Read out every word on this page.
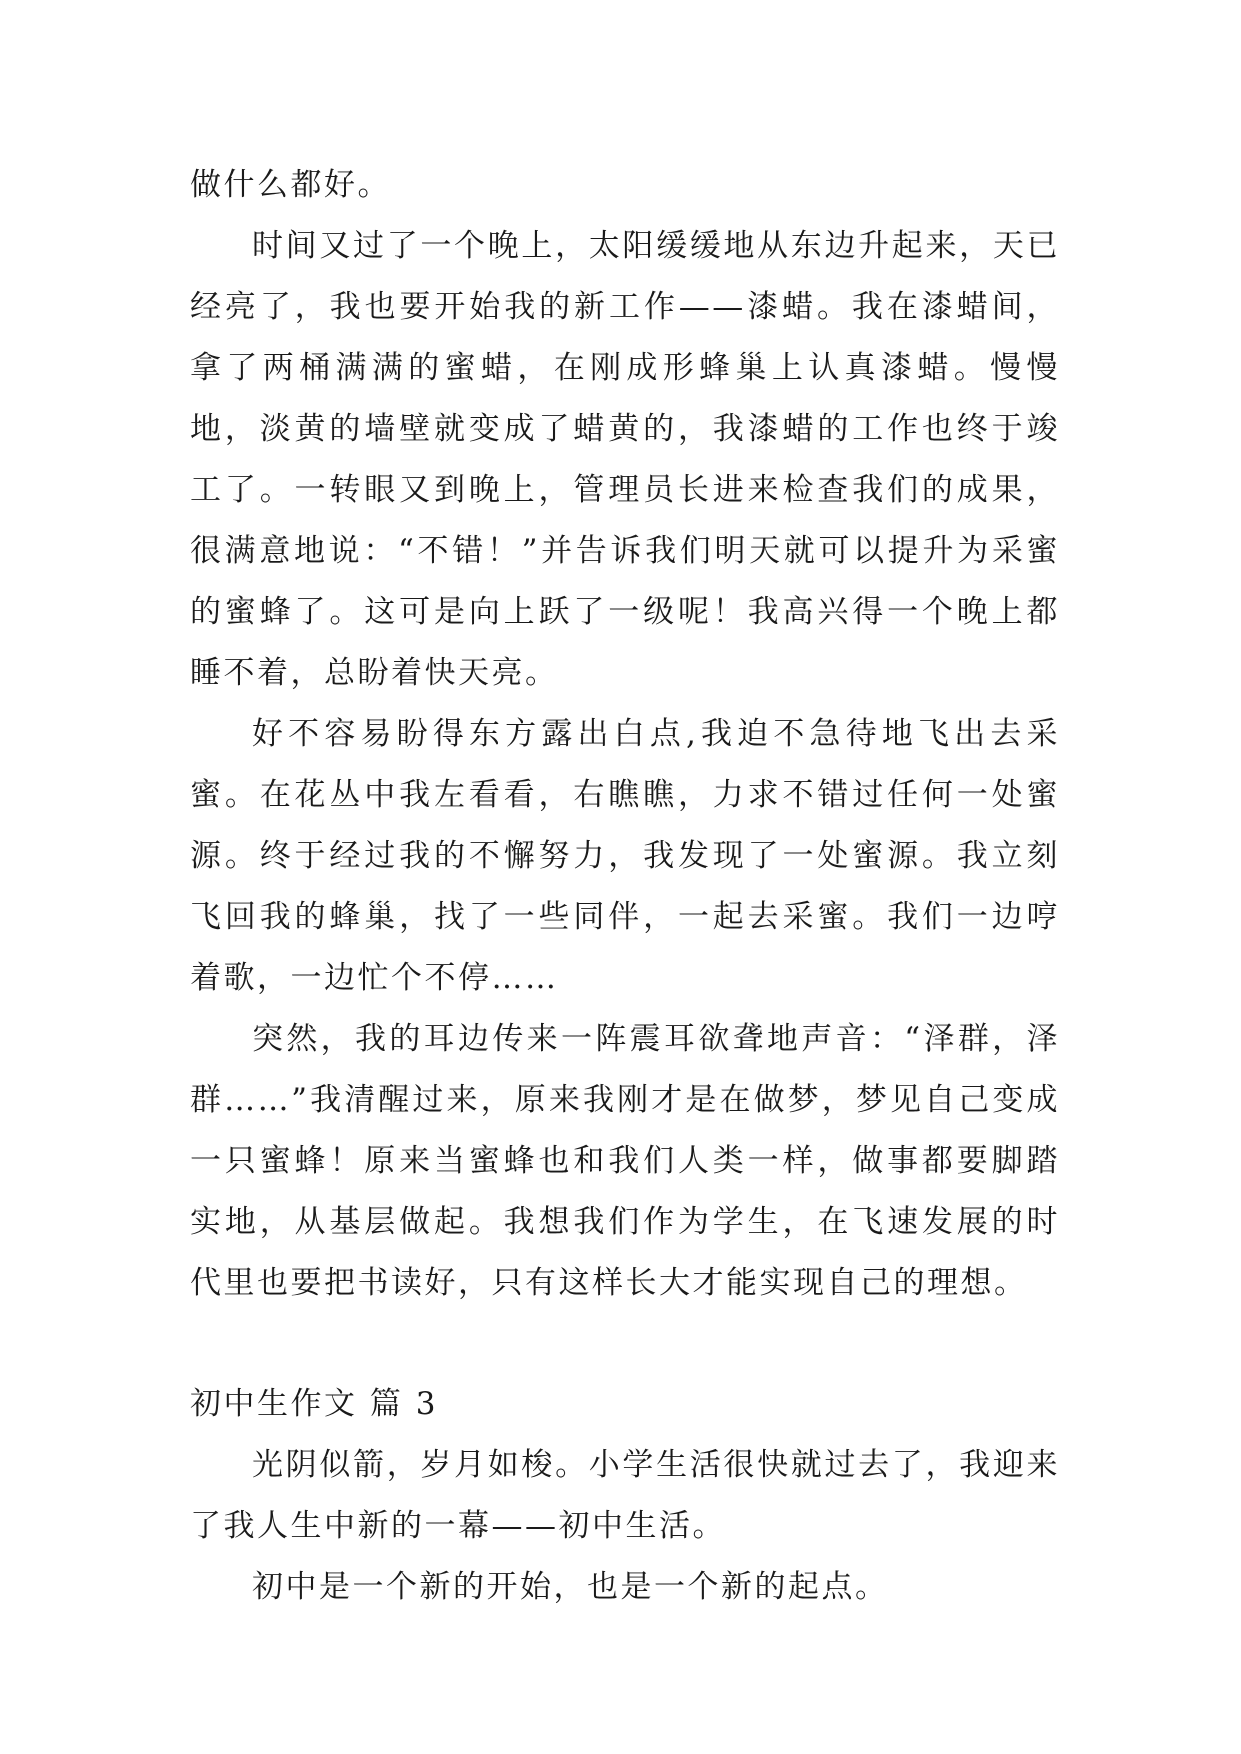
做什么都好。

时间又过了一个晚上，太阳缓缓地从东边升起来，天已经亮了，我也要开始我的新工作——漆蜡。我在漆蜡间，拿了两桶满满的蜜蜡，在刚成形蜂巢上认真漆蜡。慢慢地，淡黄的墙壁就变成了蜡黄的，我漆蜡的工作也终于竣工了。一转眼又到晚上，管理员长进来检查我们的成果，很满意地说：“不错！”并告诉我们明天就可以提升为采蜜的蜜蜂了。这可是向上跃了一级呢！我高兴得一个晚上都睡不着，总盼着快天亮。

好不容易盼得东方露出白点,我迫不急待地飞出去采蜜。在花丛中我左看看，右瞧瞧，力求不错过任何一处蜜源。终于经过我的不懈努力，我发现了一处蜜源。我立刻飞回我的蜂巢，找了一些同伴，一起去采蜜。我们一边哼着歌，一边忙个不停……

突然，我的耳边传来一阵震耳欲聋地声音：“泽群，泽群……”我清醒过来，原来我刚才是在做梦，梦见自己变成一只蜜蜂！原来当蜜蜂也和我们人类一样，做事都要脚踏实地，从基层做起。我想我们作为学生，在飞速发展的时代里也要把书读好，只有这样长大才能实现自己的理想。

初中生作文 篇 3

光阴似箭，岁月如梭。小学生活很快就过去了，我迎来了我人生中新的一幕——初中生活。

初中是一个新的开始，也是一个新的起点。
